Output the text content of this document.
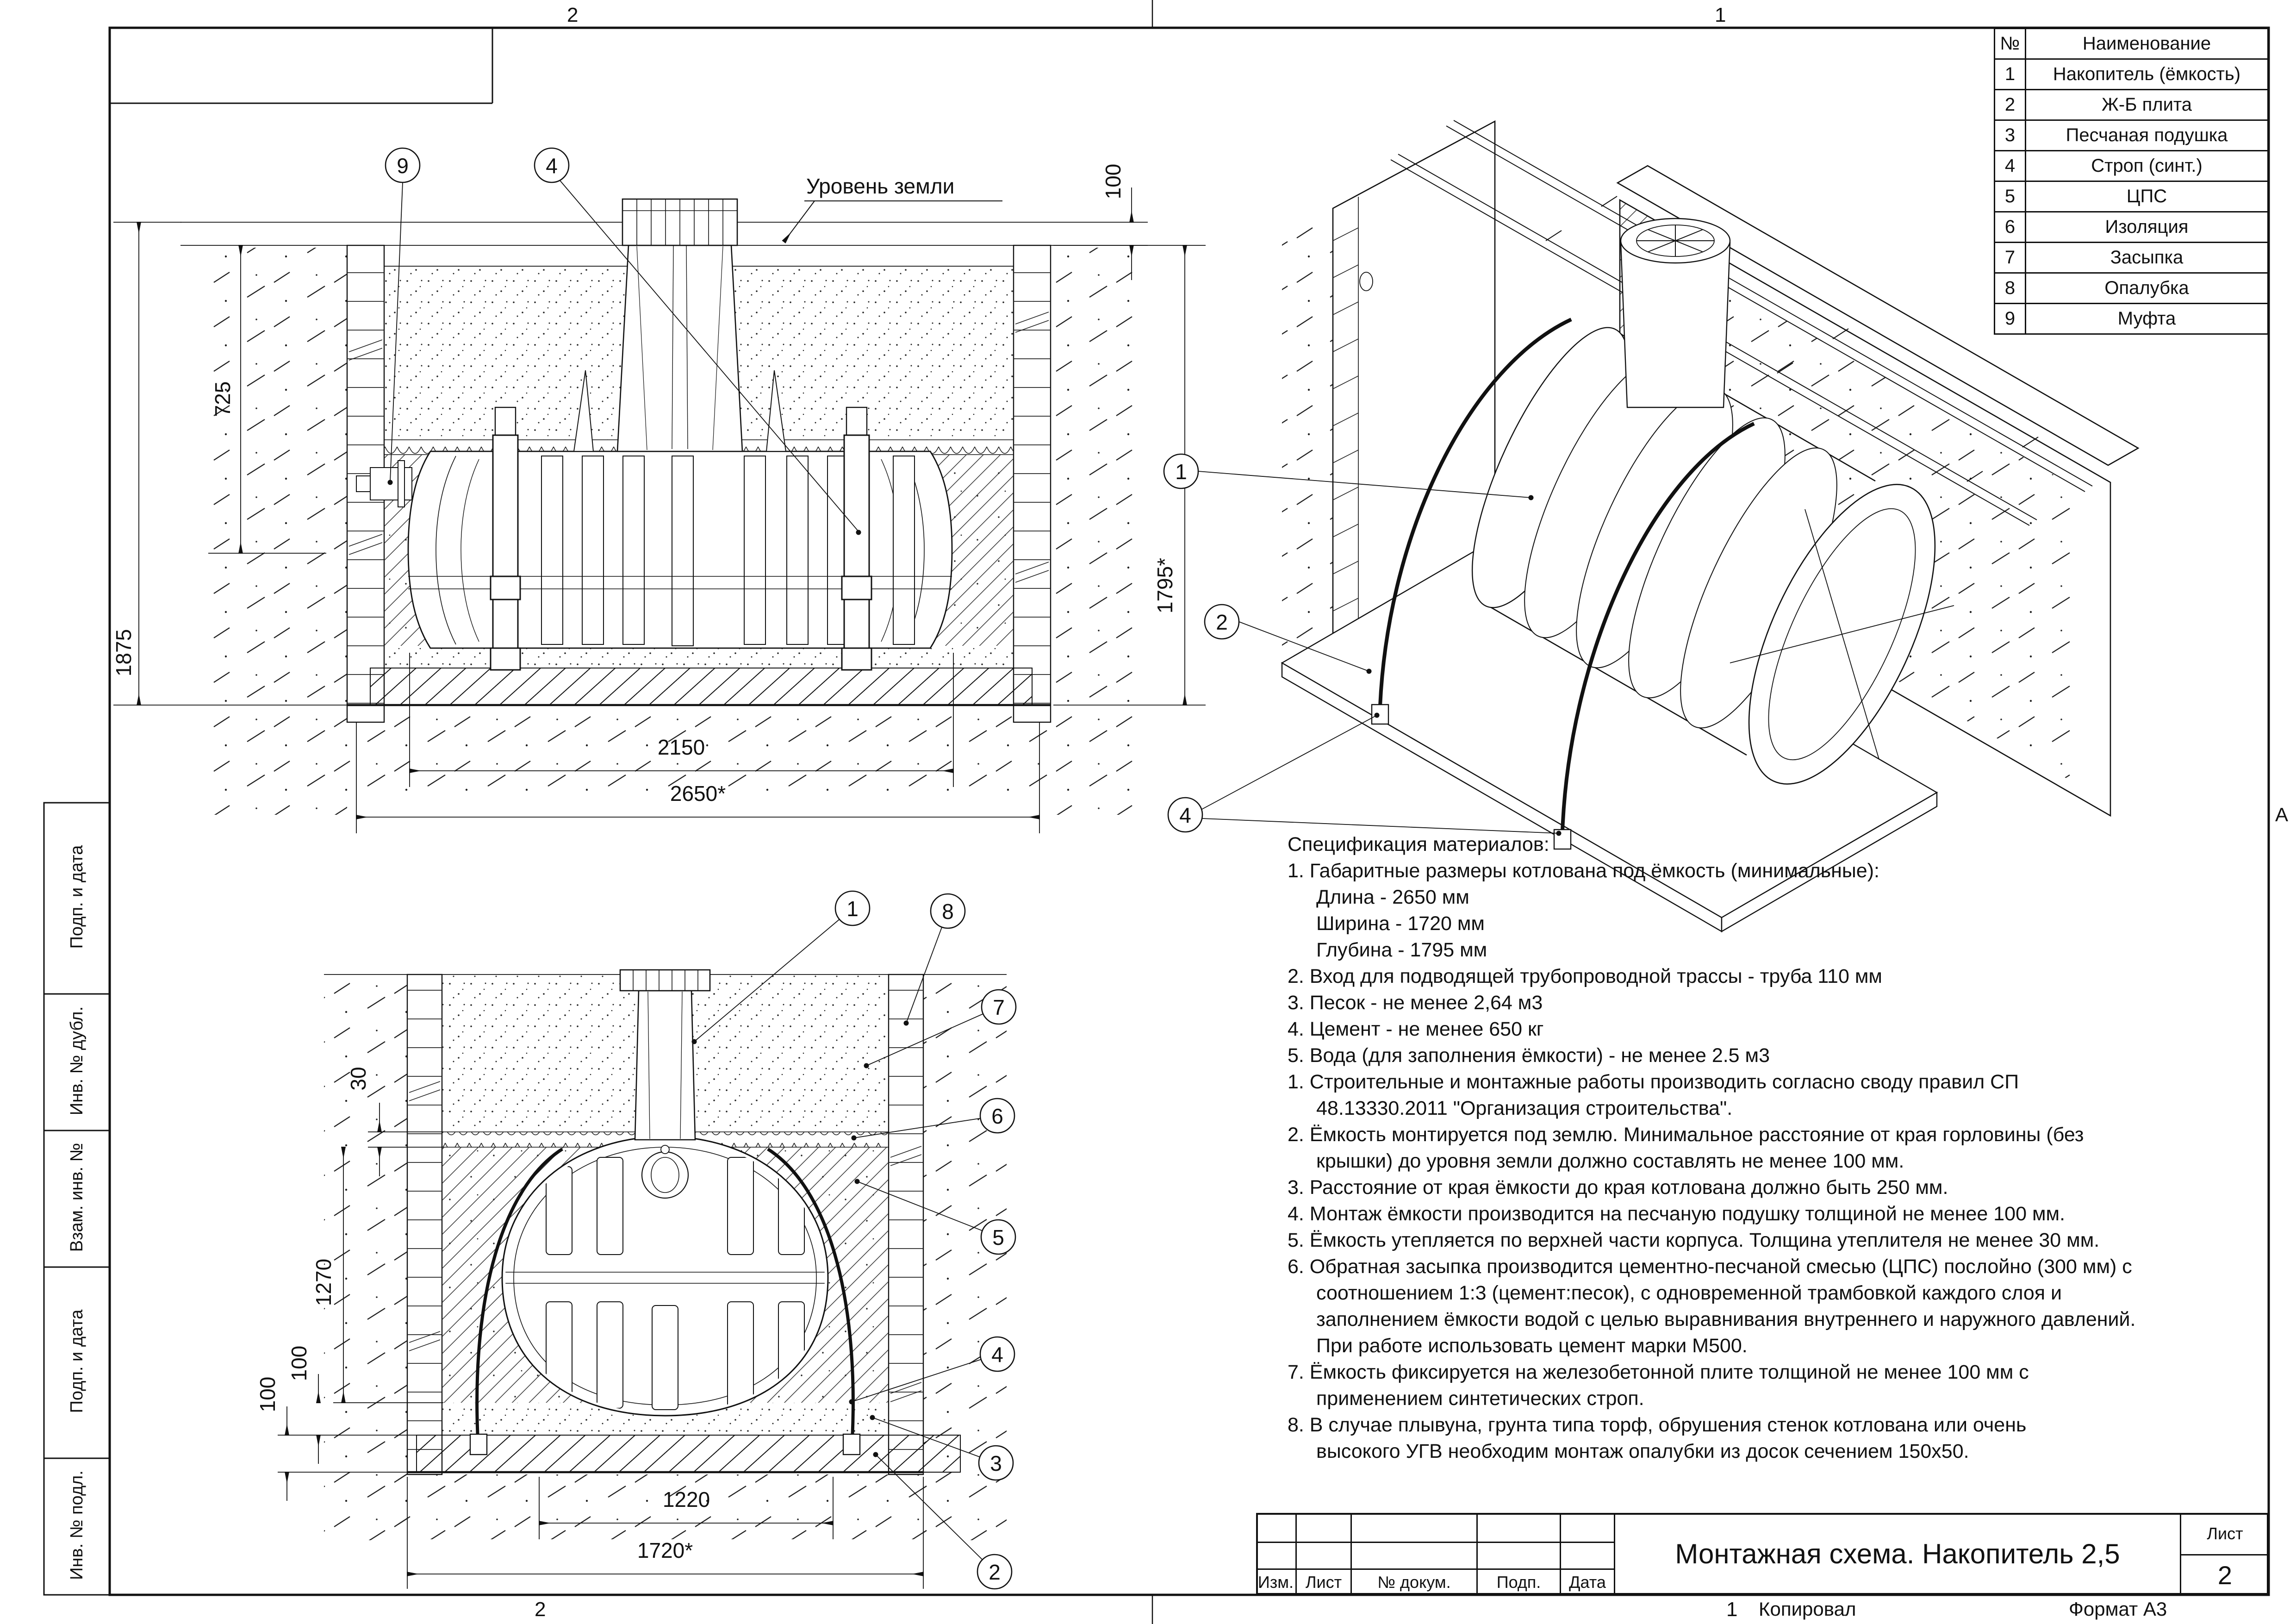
Уровень земли
1875
725
100
1795*
2150
2650*
9	4
30
1270
100
100
1220
1720*
1	8
7
6
5
4
3
2
1
2
4
2	1
2	1 Копировал	Формат А3
А
Подп. и дата
Инв. № дубл.
Взам. инв. №
Подп. и дата
Инв. № подл.
№	Наименование
1	Накопитель (ёмкость)
2	Ж-Б плита
3	Песчаная подушка
4	Строп (синт.)
5	ЦПС
6	Изоляция
7	Засыпка
8	Опалубка
9	Муфта
Спецификация материалов:
1. Габаритные размеры котлована под ёмкость (минимальные):
Длина - 2650 мм
Ширина - 1720 мм
Глубина - 1795 мм
2. Вход для подводящей трубопроводной трассы - труба 110 мм
3. Песок - не менее 2,64 м3
4. Цемент - не менее 650 кг
5. Вода (для заполнения ёмкости) - не менее 2.5 м3
1. Строительные и монтажные работы производить согласно своду правил СП
48.13330.2011 "Организация строительства".
2. Ёмкость монтируется под землю. Минимальное расстояние от края горловины (без
крышки) до уровня земли должно составлять не менее 100 мм.
3. Расстояние от края ёмкости до края котлована должно быть 250 мм.
4. Монтаж ёмкости производится на песчаную подушку толщиной не менее 100 мм.
5. Ёмкость утепляется по верхней части корпуса. Толщина утеплителя не менее 30 мм.
6. Обратная засыпка производится цементно-песчаной смесью (ЦПС) послойно (300 мм) с
соотношением 1:3 (цемент:песок), с одновременной трамбовкой каждого слоя и
заполнением ёмкости водой с целью выравнивания внутреннего и наружного давлений.
При работе использовать цемент марки М500.
7. Ёмкость фиксируется на железобетонной плите толщиной не менее 100 мм с
применением синтетических строп.
8. В случае плывуна, грунта типа торф, обрушения стенок котлована или очень
высокого УГВ необходим монтаж опалубки из досок сечением 150x50.
Изм. Лист	№ докум.	Подп.	Дата
Монтажная схема. Накопитель 2,5
Лист
2
